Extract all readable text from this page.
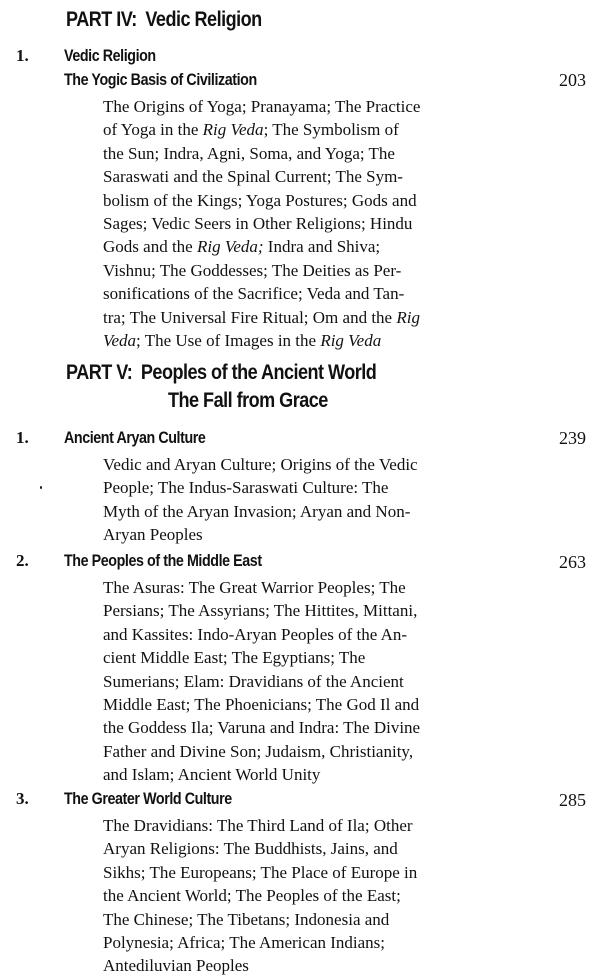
PART IV: Vedic Religion
1. Vedic Religion
The Yogic Basis of Civilization	203
The Origins of Yoga; Pranayama; The Practice
of Yoga in the Rig Veda; The Symbolism of
the Sun; Indra, Agni, Soma, and Yoga; The
Saraswati and the Spinal Current; The Sym-
bolism of the Kings; Yoga Postures; Gods and
Sages; Vedic Seers in Other Religions; Hindu
Gods and the Rig Veda; Indra and Shiva;
Vishnu; The Goddesses; The Deities as Per-
sonifications of the Sacrifice; Veda and Tan-
tra; The Universal Fire Ritual; Om and the Rig
Veda; The Use of Images in the Rig Veda
PART V: Peoples of the Ancient World
The Fall from Grace
1. Ancient Aryan Culture	239
Vedic and Aryan Culture; Origins of the Vedic
People; The Indus-Saraswati Culture: The
Myth of the Aryan Invasion; Aryan and Non-
Aryan Peoples
2. The Peoples of the Middle East	263
The Asuras: The Great Warrior Peoples; The
Persians; The Assyrians; The Hittites, Mittani,
and Kassites: Indo-Aryan Peoples of the An-
cient Middle East; The Egyptians; The
Sumerians; Elam: Dravidians of the Ancient
Middle East; The Phoenicians; The God Il and
the Goddess Ila; Varuna and Indra: The Divine
Father and Divine Son; Judaism, Christianity,
and Islam; Ancient World Unity
3. The Greater World Culture	285
The Dravidians: The Third Land of Ila; Other
Aryan Religions: The Buddhists, Jains, and
Sikhs; The Europeans; The Place of Europe in
the Ancient World; The Peoples of the East;
The Chinese; The Tibetans; Indonesia and
Polynesia; Africa; The American Indians;
Antediluvian Peoples
